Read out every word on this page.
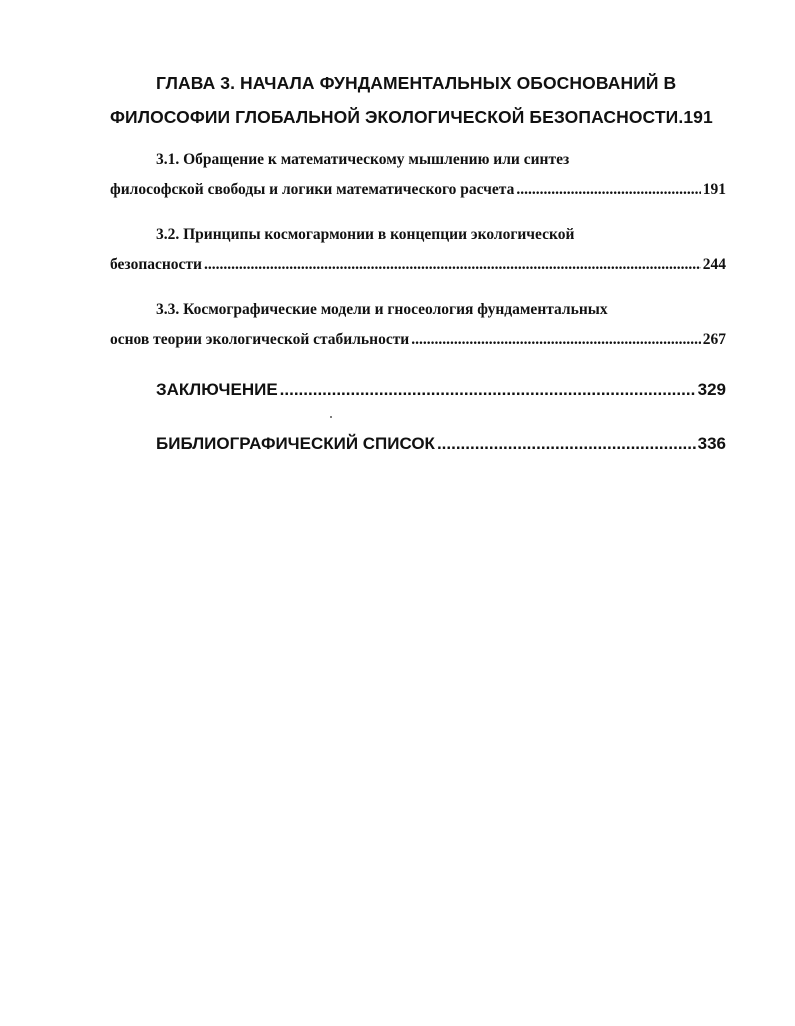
ГЛАВА 3. НАЧАЛА ФУНДАМЕНТАЛЬНЫХ ОБОСНОВАНИЙ В
ФИЛОСОФИИ ГЛОБАЛЬНОЙ ЭКОЛОГИЧЕСКОЙ БЕЗОПАСНОСТИ.191
3.1. Обращение к математическому мышлению или синтез
философской свободы и логики математического расчета .....	191
3.2. Принципы космогармонии в концепции экологической
безопасности .....	244
3.3. Космографические модели и гносеология фундаментальных
основ теории экологической стабильности .....	267
ЗАКЛЮЧЕНИЕ .....	329
БИБЛИОГРАФИЧЕСКИЙ СПИСОК .....	336
